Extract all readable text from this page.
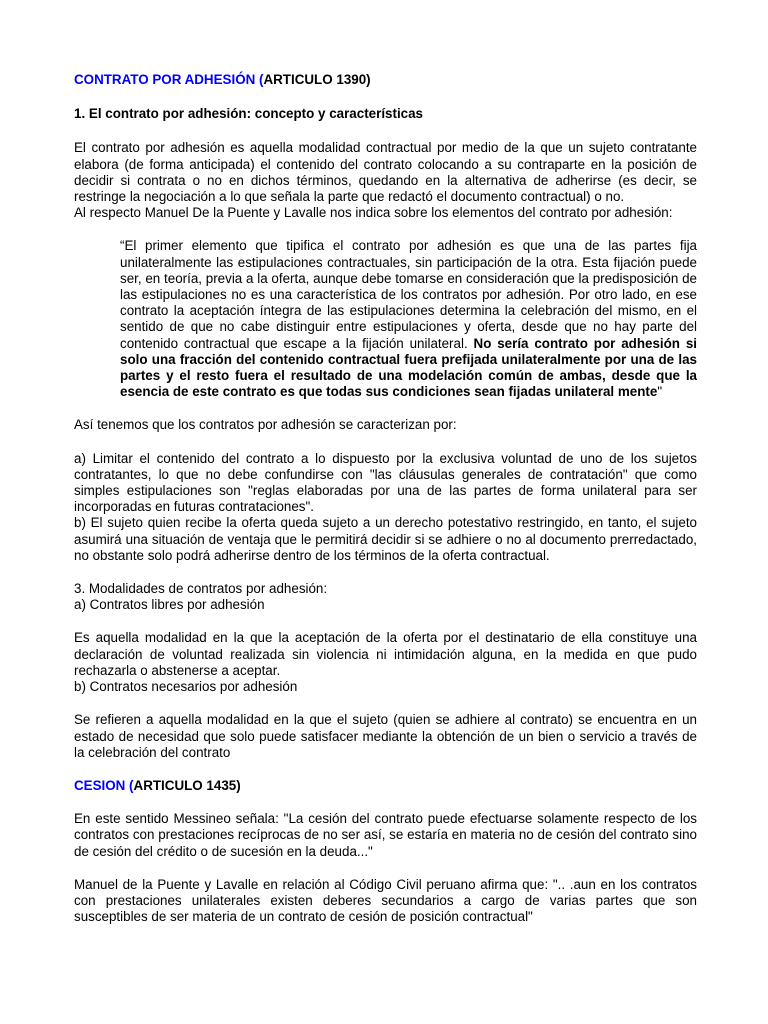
CONTRATO POR ADHESIÓN (ARTICULO 1390)

1. El contrato por adhesión: concepto y características

El contrato por adhesión es aquella modalidad contractual por medio de la que un sujeto contratante elabora (de forma anticipada) el contenido del contrato colocando a su contraparte en la posición de decidir si contrata o no en dichos términos, quedando en la alternativa de adherirse (es decir, se restringe la negociación a lo que señala la parte que redactó el documento contractual) o no.

Al respecto Manuel De la Puente y Lavalle nos indica sobre los elementos del contrato por adhesión:

“El primer elemento que tipifica el contrato por adhesión es que una de las partes fija unilateralmente las estipulaciones contractuales, sin participación de la otra. Esta fijación puede ser, en teoría, previa a la oferta, aunque debe tomarse en consideración que la predisposición de las estipulaciones no es una característica de los contratos por adhesión. Por otro lado, en ese contrato la aceptación íntegra de las estipulaciones determina la celebración del mismo, en el sentido de que no cabe distinguir entre estipulaciones y oferta, desde que no hay parte del contenido contractual que escape a la fijación unilateral. No sería contrato por adhesión si solo una fracción del contenido contractual fuera prefijada unilateralmente por una de las partes y el resto fuera el resultado de una modelación común de ambas, desde que la esencia de este contrato es que todas sus condiciones sean fijadas unilateral mente"

Así tenemos que los contratos por adhesión se caracterizan por:

a) Limitar el contenido del contrato a lo dispuesto por la exclusiva voluntad de uno de los sujetos contratantes, lo que no debe confundirse con "las cláusulas generales de contratación" que como simples estipulaciones son "reglas elaboradas por una de las partes de forma unilateral para ser incorporadas en futuras contrataciones".

b) El sujeto quien recibe la oferta queda sujeto a un derecho potestativo restringido, en tanto, el sujeto asumirá una situación de ventaja que le permitirá decidir si se adhiere o no al documento prerredactado, no obstante solo podrá adherirse dentro de los términos de la oferta contractual.

3. Modalidades de contratos por adhesión:

a) Contratos libres por adhesión

Es aquella modalidad en la que la aceptación de la oferta por el destinatario de ella constituye una declaración de voluntad realizada sin violencia ni intimidación alguna, en la medida en que pudo rechazarla o abstenerse a aceptar.

b) Contratos necesarios por adhesión

Se refieren a aquella modalidad en la que el sujeto (quien se adhiere al contrato) se encuentra en un estado de necesidad que solo puede satisfacer mediante la obtención de un bien o servicio a través de la celebración del contrato

CESION (ARTICULO 1435)

En este sentido Messineo señala: "La cesión del contrato puede efectuarse solamente respecto de los contratos con prestaciones recíprocas de no ser así, se estaría en materia no de cesión del contrato sino de cesión del crédito o de sucesión en la deuda..."

Manuel de la Puente y Lavalle en relación al Código Civil peruano afirma que: ".. .aun en los contratos con prestaciones unilaterales existen deberes secundarios a cargo de varias partes que son susceptibles de ser materia de un contrato de cesión de posición contractual"
